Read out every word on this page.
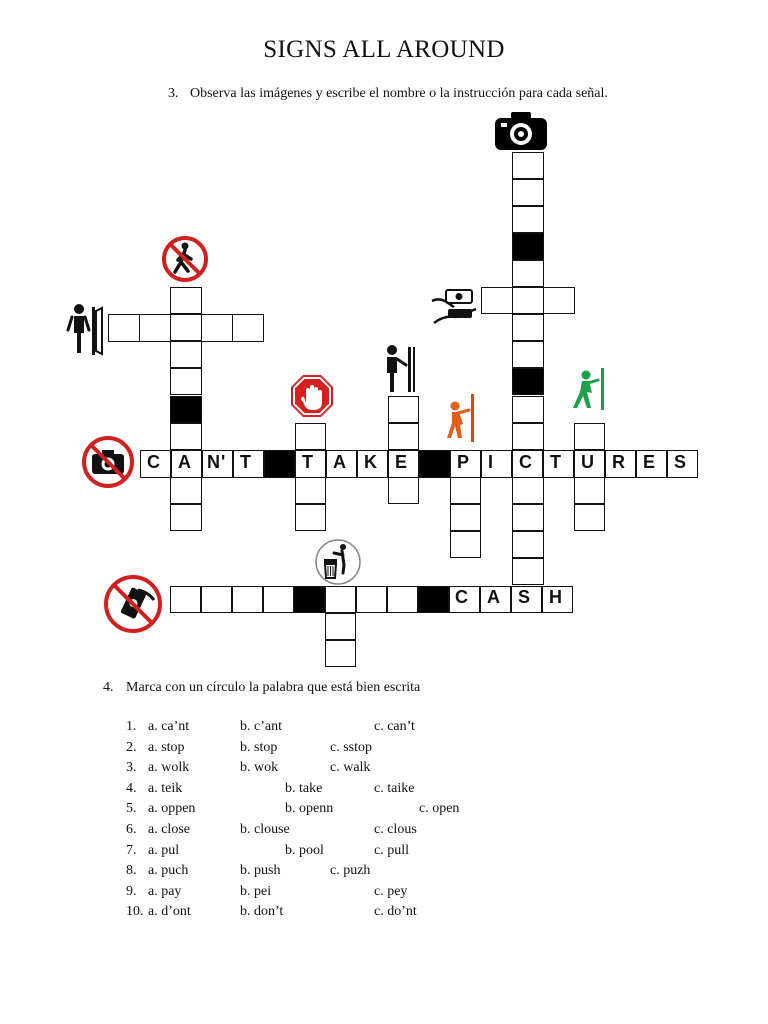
SIGNS ALL AROUND
3. Observa las imágenes y escribe el nombre o la instrucción para cada señal.
C A N' T	T A K E	P I C T U R E S
C A S H
4. Marca con un círculo la palabra que está bien escrita
1. a. ca’nt	b. c’ant	c. can’t
2. a. stop	b. stop	c. sstop
3. a. wolk	b. wok	c. walk
4. a. teik	b. take	c. taike
5. a. oppen	b. openn	c. open
6. a. close	b. clouse	c. clous
7. a. pul	b. pool	c. pull
8. a. puch	b. push	c. puzh
9. a. pay	b. pei	c. pey
10. a. d’ont	b. don’t	c. do’nt
